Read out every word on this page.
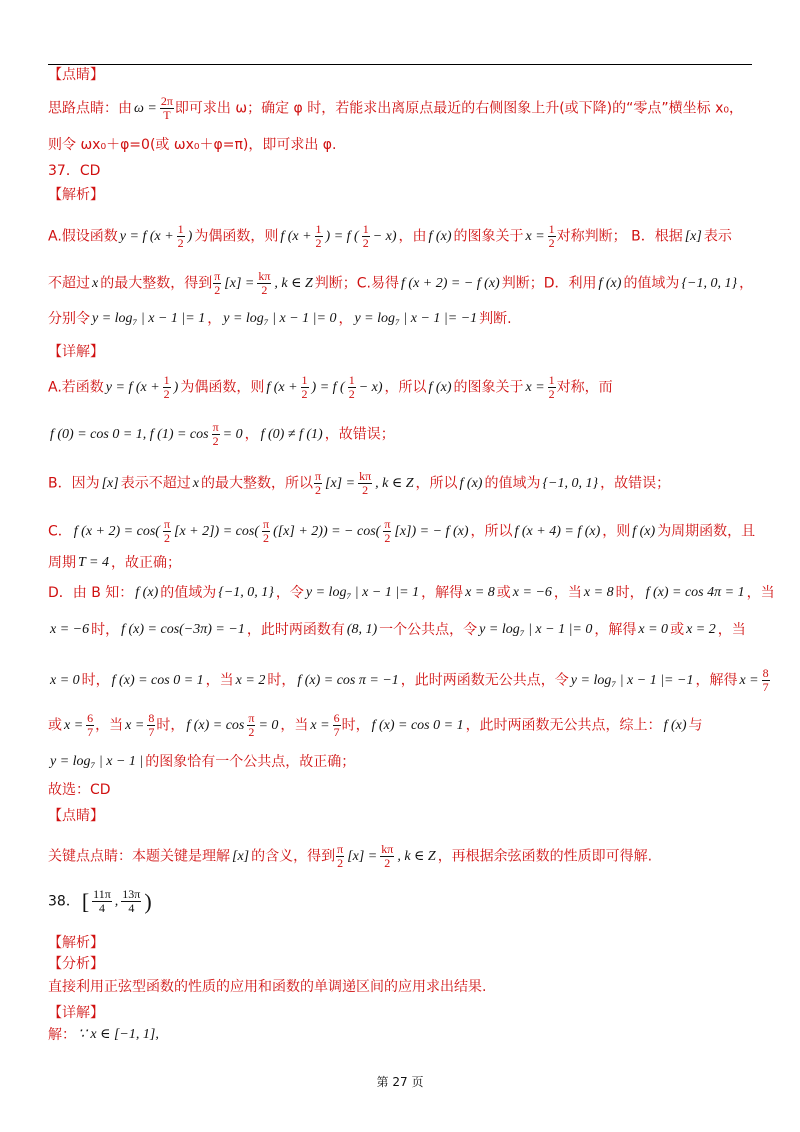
【点睛】
思路点睛：由 $\omega = \frac{2\pi}{T}$ 即可求出 ω；确定 φ 时，若能求出离原点最近的右侧图象上升(或下降)的“零点”横坐标 x₀，
则令 ωx₀＋φ=0(或 ωx₀＋φ=π)，即可求出 φ.
37．CD
【解析】
A.假设函数 y = f ($x + \frac{1}{2}$ ) 为偶函数，则 f ($x + \frac{1}{2}$ ) = f ( $\frac{1}{2} - x$) ，由 f (x) 的图象关于 $x = \frac{1}{2}$ 对称判断； B．根据 [x] 表示
不超过 x 的最大整数，得到 $\frac{\pi}{2} [x] = \frac{k\pi}{2}$ , k ∈ Z 判断；C.易得 f (x + 2) = − f (x) 判断；D．利用 f (x) 的值域为 {−1, 0, 1} ，
分别令 y = log₇ | x − 1 |= 1 ， y = log₇ | x − 1 |= 0 ， y = log₇ | x − 1 |= −1 判断.
【详解】
A.若函数 y = f ($x + \frac{1}{2}$ ) 为偶函数，则 f ($x + \frac{1}{2}$ ) = f ( $\frac{1}{2} - x$) ，所以 f (x) 的图象关于 $x = \frac{1}{2}$ 对称，而
f (0) = cos 0 = 1, f $(1) = \cos \frac{\pi}{2} = 0$ ， f (0) ≠ f (1) ，故错误；
B．因为 [x] 表示不超过 x 的最大整数，所以 $\frac{\pi}{2} [x] = \frac{k\pi}{2}$ , k ∈ Z ，所以 f (x) 的值域为 {−1, 0, 1} ，故错误；
C． f $(x + 2) = \cos( \frac{\pi}{2} [x + 2]) = \cos( \frac{\pi}{2} ([x] + 2))$ = − $\cos( \frac{\pi}{2} [x])$ = − f (x) ，所以 f (x + 4) = f (x) ，则 f (x) 为周期函数，且
周期 T = 4 ，故正确；
D．由 B 知： f (x) 的值域为 {−1, 0, 1} ，令 y = log₇ | x − 1 |= 1 ，解得 x = 8 或 x = −6 ，当 x = 8 时， f (x) = cos 4π = 1 ，当
x = −6 时， f (x) = cos(−3π) = −1 ，此时两函数有 (8, 1) 一个公共点，令 y = log₇ | x − 1 |= 0 ，解得 x = 0 或 x = 2 ，当
x = 0 时， f (x) = cos 0 = 1 ，当 x = 2 时， f (x) = cos π = −1 ，此时两函数无公共点，令 y = log₇ | x − 1 |= −1 ，解得 $x = \frac{8}{7}$
或 $x = \frac{6}{7}$ ，当 $x = \frac{8}{7}$ 时， f $(x) = \cos \frac{\pi}{2} = 0$ ，当 $x = \frac{6}{7}$ 时， f (x) = cos 0 = 1 ，此时两函数无公共点，综上： f (x) 与
y = log₇ | x − 1 | 的图象恰有一个公共点，故正确；
故选：CD
【点睛】
关键点点睛：本题关键是理解 [x] 的含义，得到 $\frac{\pi}{2} [x] = \frac{k\pi}{2}$ , k ∈ Z ，再根据余弦函数的性质即可得解.
38．[ $\frac{11\pi}{4}$ , $\frac{13\pi}{4}$ )
【解析】
【分析】
直接利用正弦型函数的性质的应用和函数的单调递区间的应用求出结果.
【详解】
解： ∵ x ∈ [−1, 1],
第 27 页
